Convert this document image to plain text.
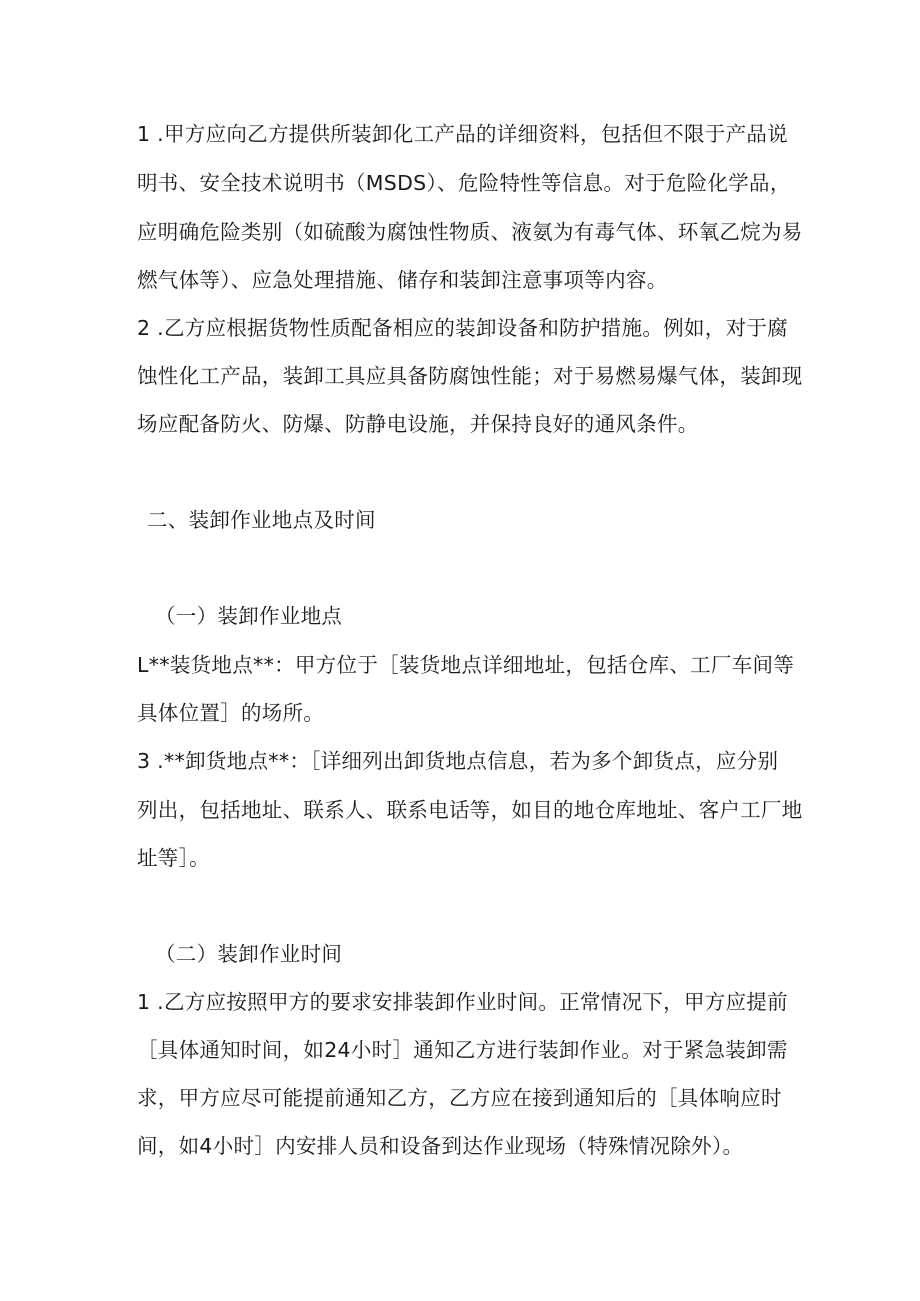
1 .甲方应向乙方提供所装卸化工产品的详细资料，包括但不限于产品说
明书、安全技术说明书（MSDS）、危险特性等信息。对于危险化学品，
应明确危险类别（如硫酸为腐蚀性物质、液氨为有毒气体、环氧乙烷为易
燃气体等）、应急处理措施、储存和装卸注意事项等内容。
2 .乙方应根据货物性质配备相应的装卸设备和防护措施。例如，对于腐
蚀性化工产品，装卸工具应具备防腐蚀性能；对于易燃易爆气体，装卸现
场应配备防火、防爆、防静电设施，并保持良好的通风条件。
二、装卸作业地点及时间
（一）装卸作业地点
L**装货地点**：甲方位于［装货地点详细地址，包括仓库、工厂车间等
具体位置］的场所。
3 .**卸货地点**：［详细列出卸货地点信息，若为多个卸货点，应分别
列出，包括地址、联系人、联系电话等，如目的地仓库地址、客户工厂地
址等］。
（二）装卸作业时间
1 .乙方应按照甲方的要求安排装卸作业时间。正常情况下，甲方应提前
［具体通知时间，如24小时］通知乙方进行装卸作业。对于紧急装卸需
求，甲方应尽可能提前通知乙方，乙方应在接到通知后的［具体响应时
间，如4小时］内安排人员和设备到达作业现场（特殊情况除外）。
